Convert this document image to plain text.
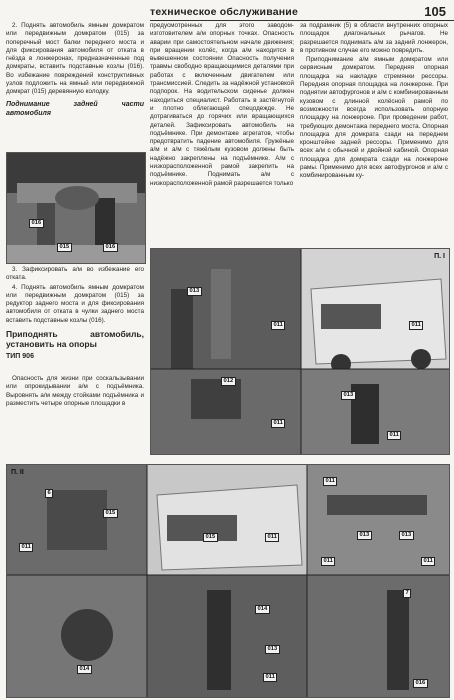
техническое обслуживание	105

2. Поднять автомобиль ямным домкратом или передвижным домкратом (015) за поперечный мост балки переднего моста и для фиксирования автомобиля от отката в гнёзда в лонжеронах, предназначенные под домкраты, вставить подставные козлы (016). Во избежание повреждений конструктивных узлов подложить на ямный или передвижной домкрат (015) деревянную колодку.

Поднимание задней части автомобиля
016
015	016

3. Зафиксировать а/м во избежание его отката.

4. Поднять автомобиль ямным домкратом или передвижным домкратом (015) за редуктор заднего моста и для фиксирования автомобиля от отката в чулки заднего моста вставить подставные козлы (016).

Приподнять автомобиль, установить на опоры
ТИП 906

Опасность для жизни при соскальзывании или опрокидывании а/м с подъёмника. Выровнять а/м между стойками подъёмника и разместить четыре опорные площадки в

предусмотренных для этого заводом-изготовителем а/м опорных точках. Опасность аварии при самостоятельном начале движения; при вращении колёс, когда а/м находится в вывешенном состоянии Опасность получения травмы свободно вращающимися деталями при работах с включенным двигателем или трансмиссией. Следить за надёжной установкой подпорок. На водительском сиденье должен находиться специалист. Работать в застёгнутой и плотно облегающей спецодежде. Не дотрагиваться до горячих или вращающихся деталей. Зафиксировать автомобиль на подъёмнике. При демонтаже агрегатов, чтобы предотвратить падение автомобиля. Гружёные а/м и а/м с тяжёлым кузовом должны быть надёжно закреплены на подъёмнике. А/м с низкорасположенной рамой закрепить на подъёмнике. Поднимать а/м с низкорасположенной рамой разрешается только

за подрамник (5) в области внутренних опорных площадок диагональных рычагов. Не разрешается поднимать а/м за задний лонжерон, в противном случае его можно повредить.

Приподнимание а/м ямным домкратом или сервисным домкратом. Передняя опорная площадка на накладке стремянки рессоры. Передняя опорная площадка на лонжероне. При поднятии автофургонов и а/м с комбинированным кузовом с длинной колёсной рамой по возможности всегда использовать опорную площадку на лонжероне. При проведении работ, требующих демонтажа переднего моста. Опорная площадка для домкрата сзади на переднем кронштейне задней рессоры. Применимо для всех а/м с обычной и двойной кабиной. Опорная площадка для домкрата сзади на лонжероне рамы. Применимо для всех автофургонов и а/м с комбинированным ку-

П. I
013
011
012
011
011
013
011
П. II
6
015
011
014
015	011
014
013
7
011
016
011
013	013
011	011
